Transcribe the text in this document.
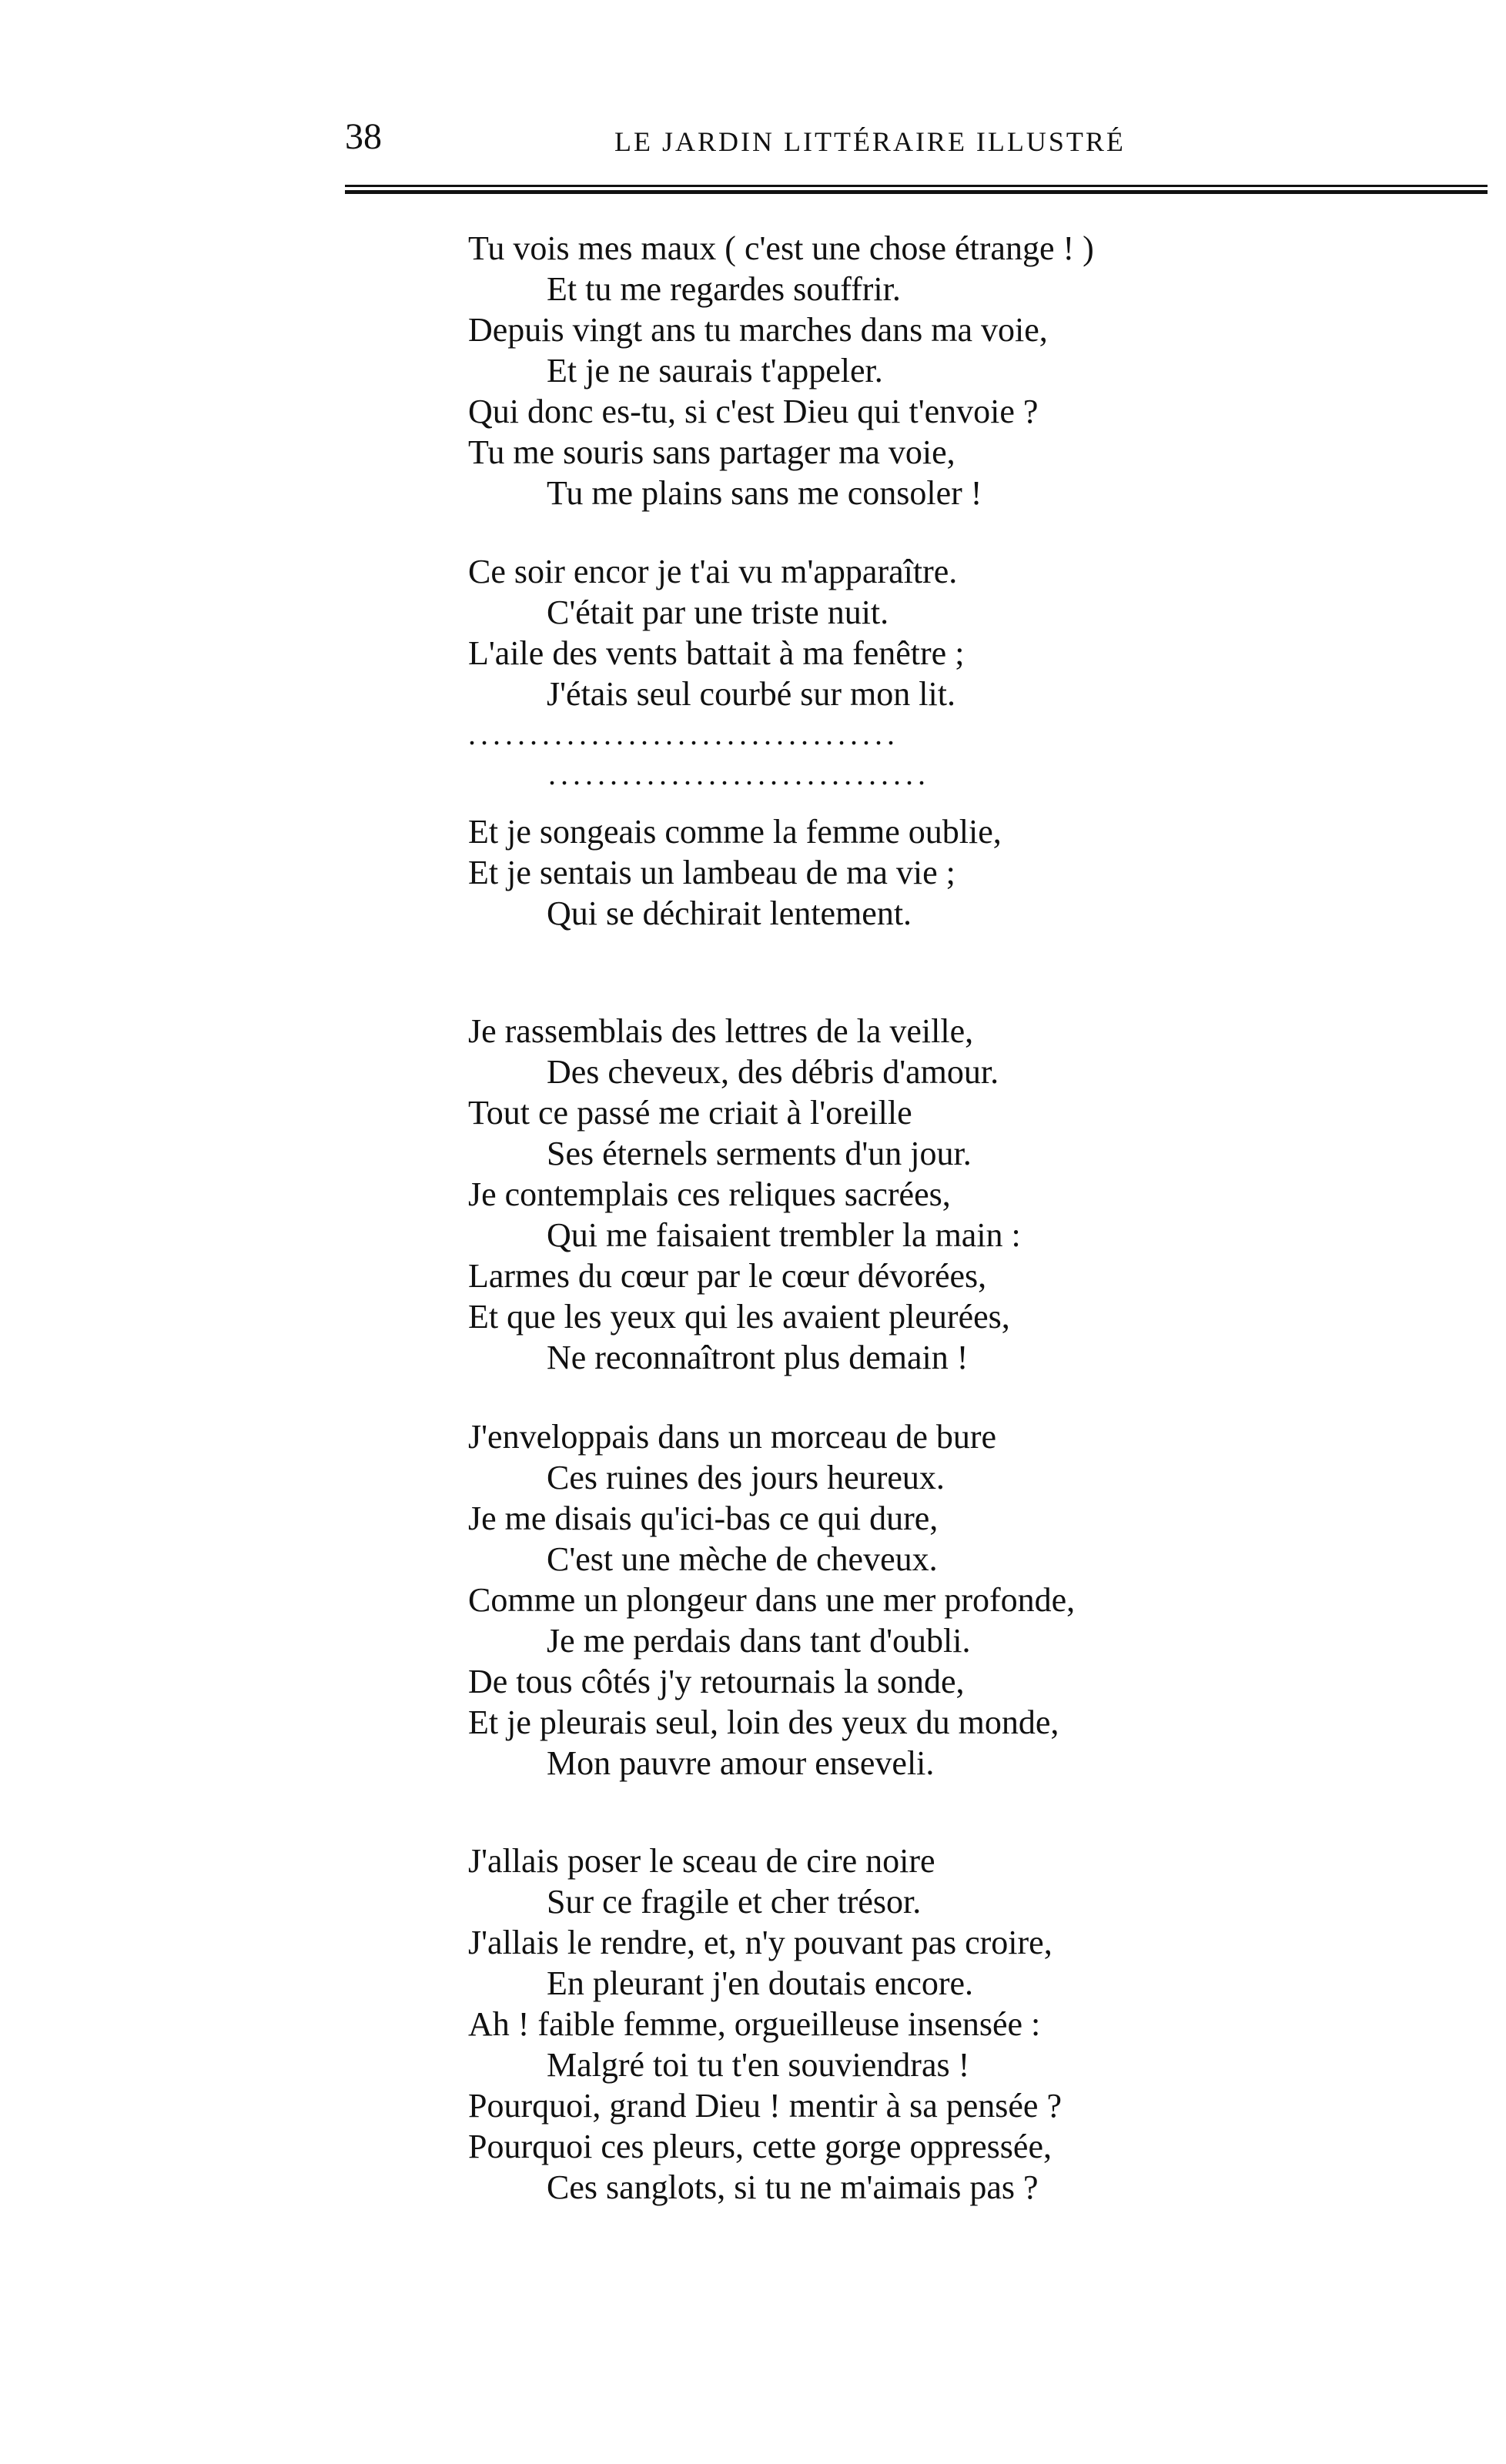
38	LE JARDIN LITTÉRAIRE ILLUSTRÉ
Tu vois mes maux ( c'est une chose étrange ! )
Et tu me regardes souffrir.
Depuis vingt ans tu marches dans ma voie,
Et je ne saurais t'appeler.
Qui donc es-tu, si c'est Dieu qui t'envoie ?
Tu me souris sans partager ma voie,
Tu me plains sans me consoler !
Ce soir encor je t'ai vu m'apparaître.
C'était par une triste nuit.
L'aile des vents battait à ma fenêtre ;
J'étais seul courbé sur mon lit.
...................................
...............................
Et je songeais comme la femme oublie,
Et je sentais un lambeau de ma vie ;
Qui se déchirait lentement.
Je rassemblais des lettres de la veille,
Des cheveux, des débris d'amour.
Tout ce passé me criait à l'oreille
Ses éternels serments d'un jour.
Je contemplais ces reliques sacrées,
Qui me faisaient trembler la main :
Larmes du cœur par le cœur dévorées,
Et que les yeux qui les avaient pleurées,
Ne reconnaîtront plus demain !
J'enveloppais dans un morceau de bure
Ces ruines des jours heureux.
Je me disais qu'ici-bas ce qui dure,
C'est une mèche de cheveux.
Comme un plongeur dans une mer profonde,
Je me perdais dans tant d'oubli.
De tous côtés j'y retournais la sonde,
Et je pleurais seul, loin des yeux du monde,
Mon pauvre amour enseveli.
J'allais poser le sceau de cire noire
Sur ce fragile et cher trésor.
J'allais le rendre, et, n'y pouvant pas croire,
En pleurant j'en doutais encore.
Ah ! faible femme, orgueilleuse insensée :
Malgré toi tu t'en souviendras !
Pourquoi, grand Dieu ! mentir à sa pensée ?
Pourquoi ces pleurs, cette gorge oppressée,
Ces sanglots, si tu ne m'aimais pas ?
